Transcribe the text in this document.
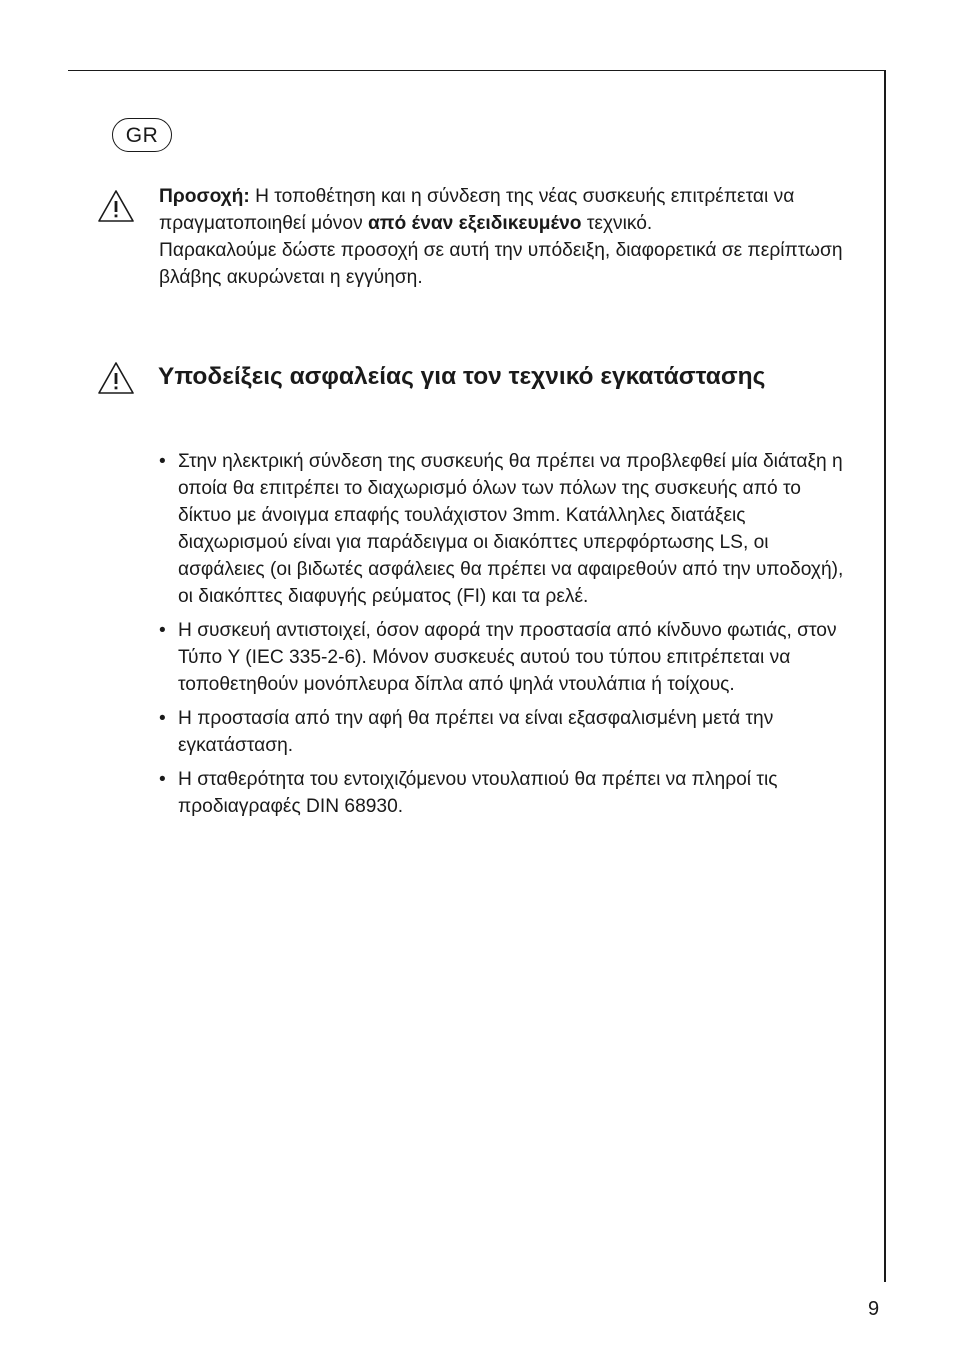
GR

Προσοχή: Η τοποθέτηση και η σύνδεση της νέας συσκευής επιτρέπεται να πραγματοποιηθεί μόνον από έναν εξειδικευμένο τεχνικό.

Παρακαλούμε δώστε προσοχή σε αυτή την υπόδειξη, διαφορετικά σε περίπτωση βλάβης ακυρώνεται η εγγύηση.

Υποδείξεις ασφαλείας για τον τεχνικό εγκατάστασης
• Στην ηλεκτρική σύνδεση της συσκευής θα πρέπει να προβλεφθεί μία διάταξη η οποία θα επιτρέπει το διαχωρισμό όλων των πόλων της συσκευής από το δίκτυο με άνοιγμα επαφής τουλάχιστον 3mm. Κατάλληλες διατάξεις διαχωρισμού είναι για παράδειγμα οι διακόπτες υπερφόρτωσης LS, οι ασφάλειες (οι βιδωτές ασφάλειες θα πρέπει να αφαιρεθούν από την υποδοχή), οι διακόπτες διαφυγής ρεύματος (FI) και τα ρελέ.
• Η συσκευή αντιστοιχεί, όσον αφορά την προστασία από κίνδυνο φωτιάς, στον Τύπο Y (IEC 335-2-6). Μόνον συσκευές αυτού του τύπου επιτρέπεται να τοποθετηθούν μονόπλευρα δίπλα από ψηλά ντουλάπια ή τοίχους.
• Η προστασία από την αφή θα πρέπει να είναι εξασφαλισμένη μετά την εγκατάσταση.
• Η σταθερότητα του εντοιχιζόμενου ντουλαπιού θα πρέπει να πληροί τις προδιαγραφές DIN 68930.
9
